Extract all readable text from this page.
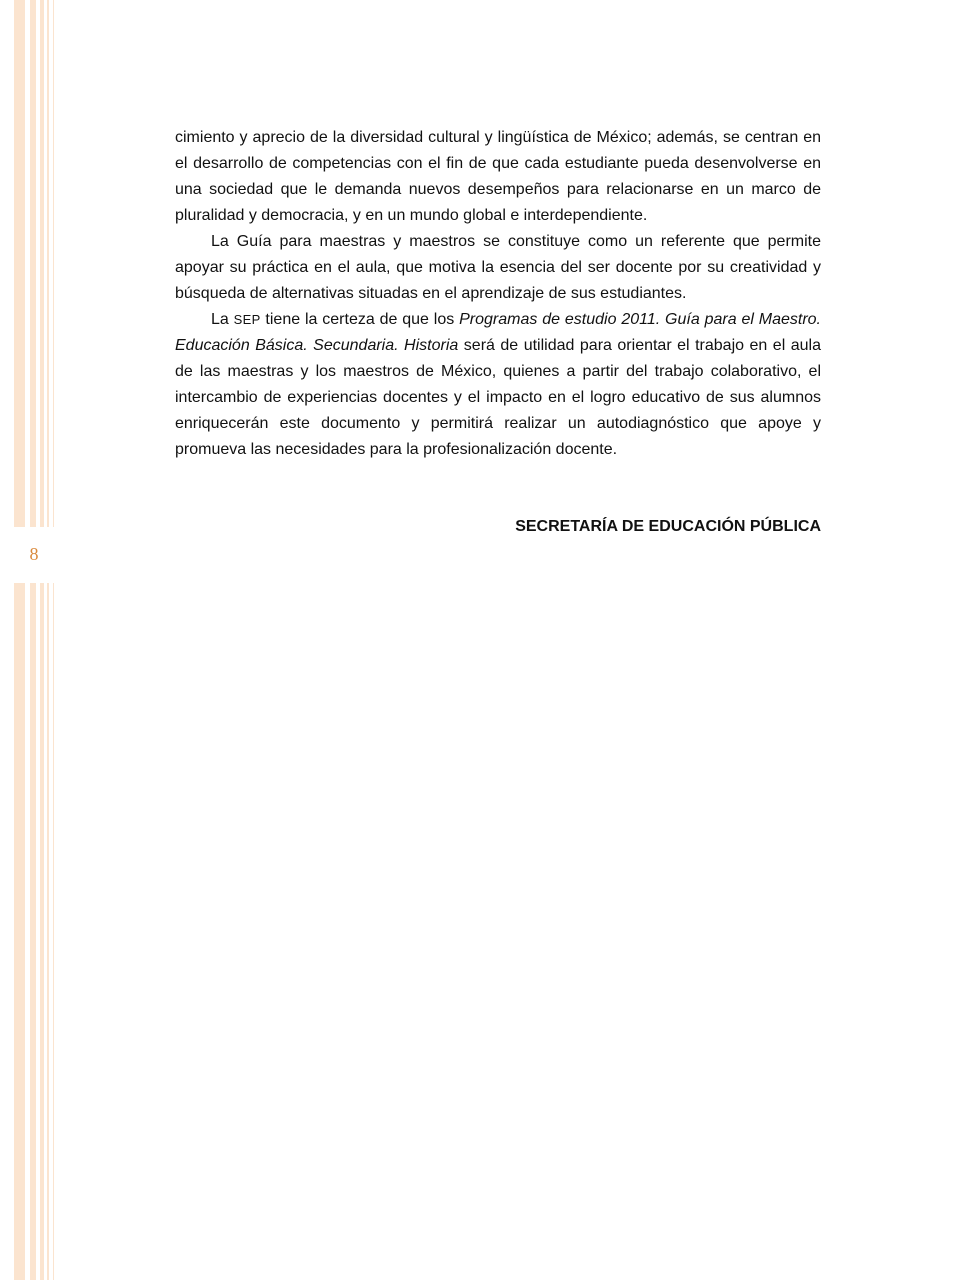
8

cimiento y aprecio de la diversidad cultural y lingüística de México; además, se centran en el desarrollo de competencias con el fin de que cada estudiante pueda desenvolverse en una sociedad que le demanda nuevos desempeños para relacionarse en un marco de pluralidad y democracia, y en un mundo global e interdependiente.

La Guía para maestras y maestros se constituye como un referente que permite apoyar su práctica en el aula, que motiva la esencia del ser docente por su creatividad y búsqueda de alternativas situadas en el aprendizaje de sus estudiantes.

La SEP tiene la certeza de que los Programas de estudio 2011. Guía para el Maestro. Educación Básica. Secundaria. Historia será de utilidad para orientar el trabajo en el aula de las maestras y los maestros de México, quienes a partir del trabajo colaborativo, el intercambio de experiencias docentes y el impacto en el logro educativo de sus alumnos enriquecerán este documento y permitirá realizar un autodiagnóstico que apoye y promueva las necesidades para la profesionalización docente.

SECRETARÍA DE EDUCACIÓN PÚBLICA
